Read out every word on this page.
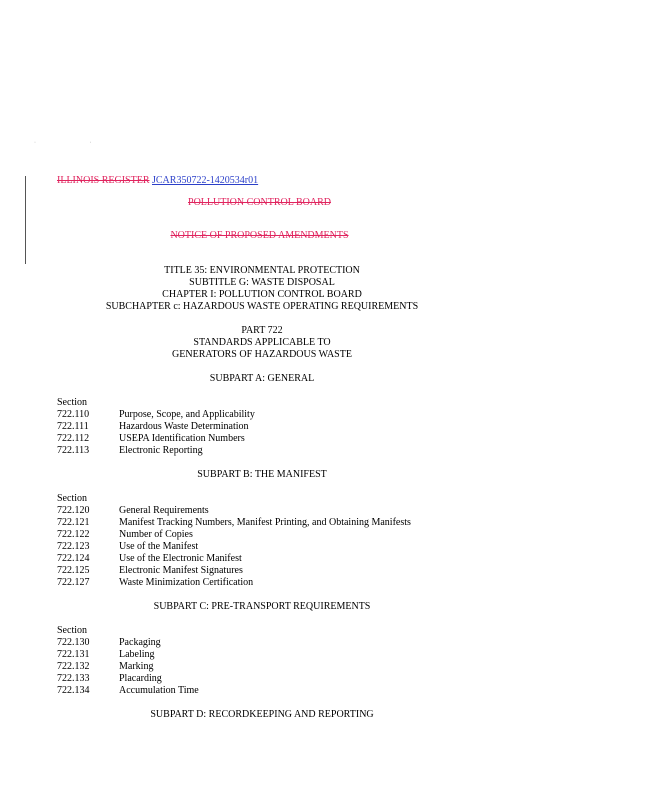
· ·
ILLINOIS REGISTER JCAR350722-1420534r01
POLLUTION CONTROL BOARD
NOTICE OF PROPOSED AMENDMENTS
TITLE 35: ENVIRONMENTAL PROTECTION
SUBTITLE G: WASTE DISPOSAL
CHAPTER I: POLLUTION CONTROL BOARD
SUBCHAPTER c: HAZARDOUS WASTE OPERATING REQUIREMENTS
PART 722
STANDARDS APPLICABLE TO
GENERATORS OF HAZARDOUS WASTE
SUBPART A: GENERAL
Section
722.110	Purpose, Scope, and Applicability
722.111	Hazardous Waste Determination
722.112	USEPA Identification Numbers
722.113	Electronic Reporting
SUBPART B: THE MANIFEST
Section
722.120	General Requirements
722.121	Manifest Tracking Numbers, Manifest Printing, and Obtaining Manifests
722.122	Number of Copies
722.123	Use of the Manifest
722.124	Use of the Electronic Manifest
722.125	Electronic Manifest Signatures
722.127	Waste Minimization Certification
SUBPART C: PRE-TRANSPORT REQUIREMENTS
Section
722.130	Packaging
722.131	Labeling
722.132	Marking
722.133	Placarding
722.134	Accumulation Time
SUBPART D: RECORDKEEPING AND REPORTING
